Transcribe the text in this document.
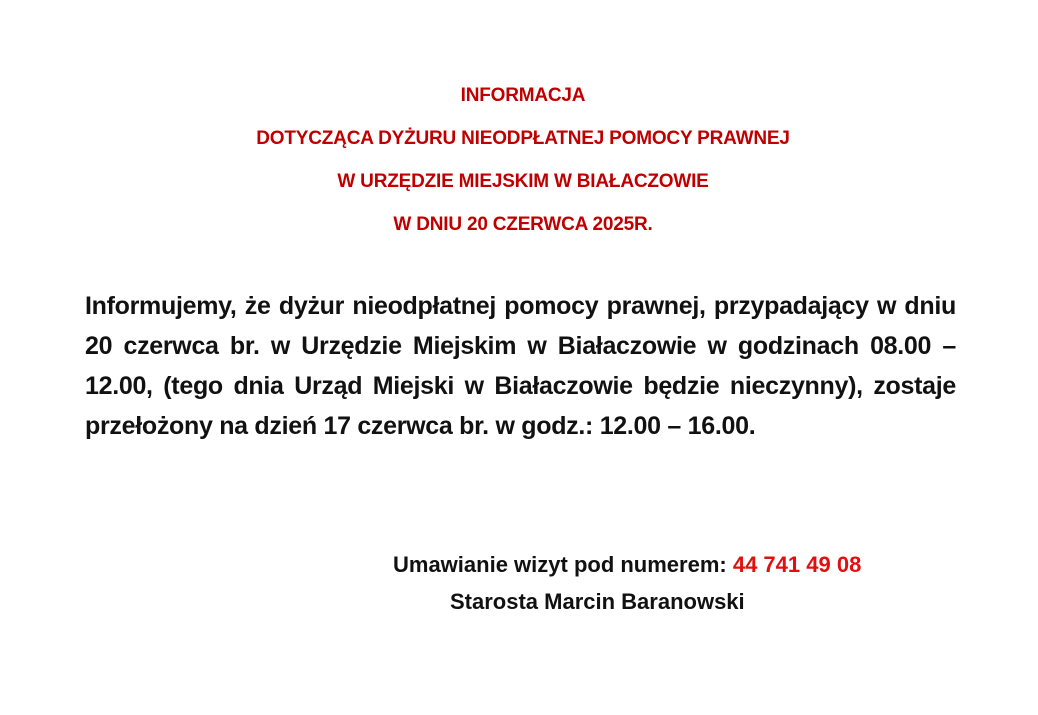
INFORMACJA
DOTYCZĄCA DYŻURU NIEODPŁATNEJ POMOCY PRAWNEJ
W URZĘDZIE MIEJSKIM W BIAŁACZOWIE
W DNIU 20 CZERWCA 2025R.

Informujemy, że dyżur nieodpłatnej pomocy prawnej, przypadający w dniu 20 czerwca br. w Urzędzie Miejskim w Białaczowie w godzinach 08.00 – 12.00, (tego dnia Urząd Miejski w Białaczowie będzie nieczynny), zostaje przełożony na dzień 17 czerwca br. w godz.: 12.00 – 16.00.

Umawianie wizyt pod numerem: 44 741 49 08
Starosta Marcin Baranowski
